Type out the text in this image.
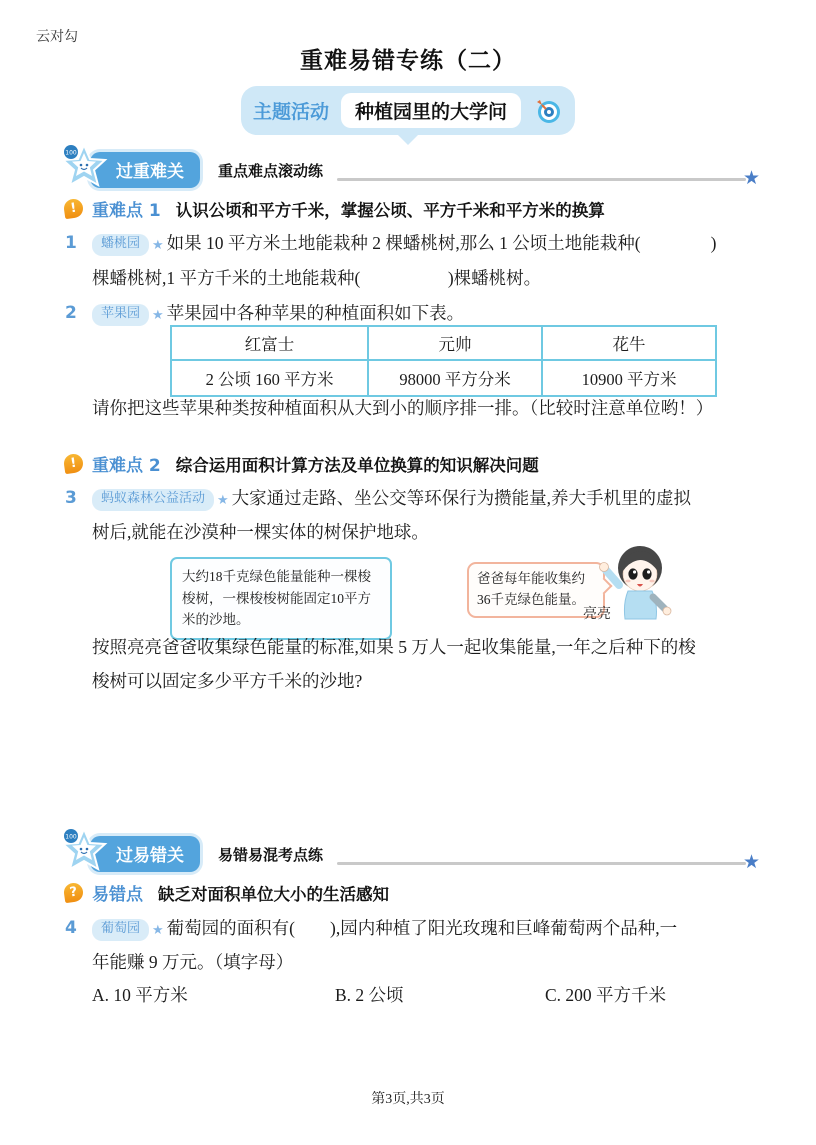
云对勾
重难易错专练（二）
主题活动	种植园里的大学问
100
过重难关	重点难点滚动练	★
! 重难点 1 认识公顷和平方千米，掌握公顷、平方千米和平方米的换算
1	蟠桃园 ★ 如果 10 平方米土地能栽种 2 棵蟠桃树,那么 1 公顷土地能栽种(　　　　)
棵蟠桃树,1 平方千米的土地能栽种(　　　　　)棵蟠桃树。
2	苹果园 ★ 苹果园中各种苹果的种植面积如下表。
红富士	元帅	花牛
2 公顷 160 平方米	98000 平方分米	10900 平方米
请你把这些苹果种类按种植面积从大到小的顺序排一排。（比较时注意单位哟！）
! 重难点 2 综合运用面积计算方法及单位换算的知识解决问题
3	蚂蚁森林公益活动 ★ 大家通过走路、坐公交等环保行为攒能量,养大手机里的虚拟
树后,就能在沙漠种一棵实体的树保护地球。
大约18千克绿色能量能种一棵梭梭树，一棵梭梭树能固定10平方米的沙地。
爸爸每年能收集约36千克绿色能量。
亮亮
按照亮亮爸爸收集绿色能量的标准,如果 5 万人一起收集能量,一年之后种下的梭
梭树可以固定多少平方千米的沙地?
100
过易错关	易错易混考点练	★
? 易错点 缺乏对面积单位大小的生活感知
4	葡萄园 ★ 葡萄园的面积有(　　),园内种植了阳光玫瑰和巨峰葡萄两个品种,一
年能赚 9 万元。（填字母）
A. 10 平方米	B. 2 公顷	C. 200 平方千米
第3页,共3页
